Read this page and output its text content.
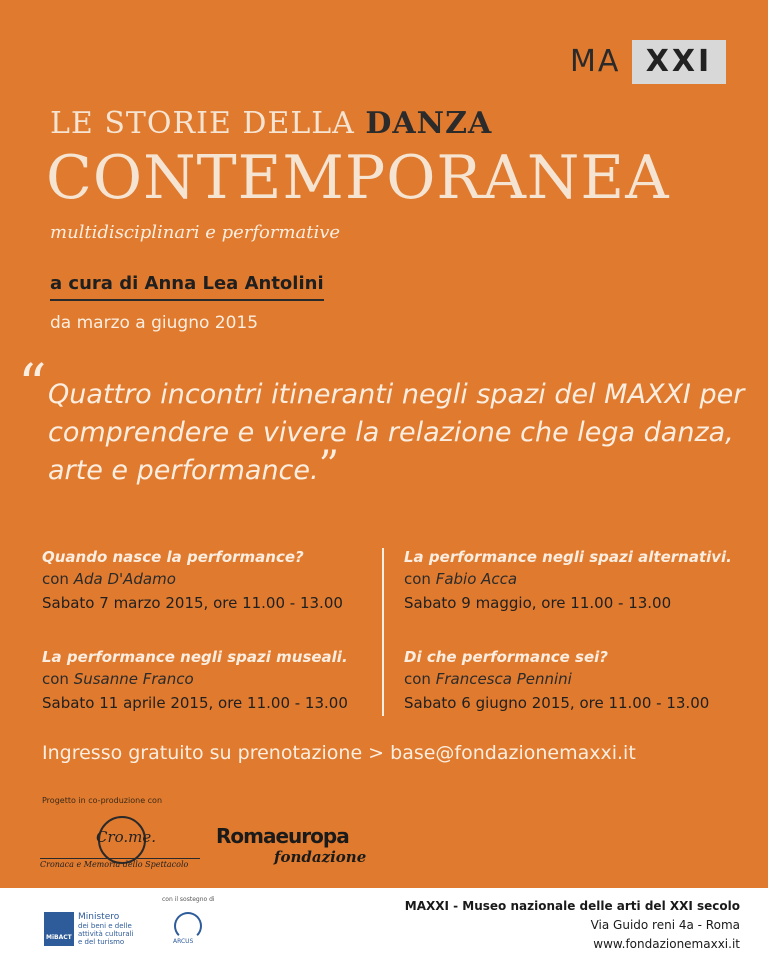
MA XXI
LE STORIE DELLA DANZA
CONTEMPORANEA
multidisciplinari e performative
a cura di Anna Lea Antolini
da marzo a giugno 2015
“ Quattro incontri itineranti negli spazi del MAXXI per comprendere e vivere la relazione che lega danza, arte e performance.”
Quando nasce la performance?
con Ada D'Adamo
Sabato 7 marzo 2015, ore 11.00 - 13.00
La performance negli spazi museali.
con Susanne Franco
Sabato 11 aprile 2015, ore 11.00 - 13.00
La performance negli spazi alternativi.
con Fabio Acca
Sabato 9 maggio, ore 11.00 - 13.00
Di che performance sei?
con Francesca Pennini
Sabato 6 giugno 2015, ore 11.00 - 13.00
Ingresso gratuito su prenotazione > base@fondazionemaxxi.it
Progetto in co-produzione con
Cro.me.
Cronaca e Memoria dello Spettacolo
Romaeuropa
fondazione
MiBACT
Ministero
dei beni e delle
attività culturali
e del turismo
con il sostegno di
ARCUS
MAXXI - Museo nazionale delle arti del XXI secolo
Via Guido reni 4a - Roma
www.fondazionemaxxi.it
